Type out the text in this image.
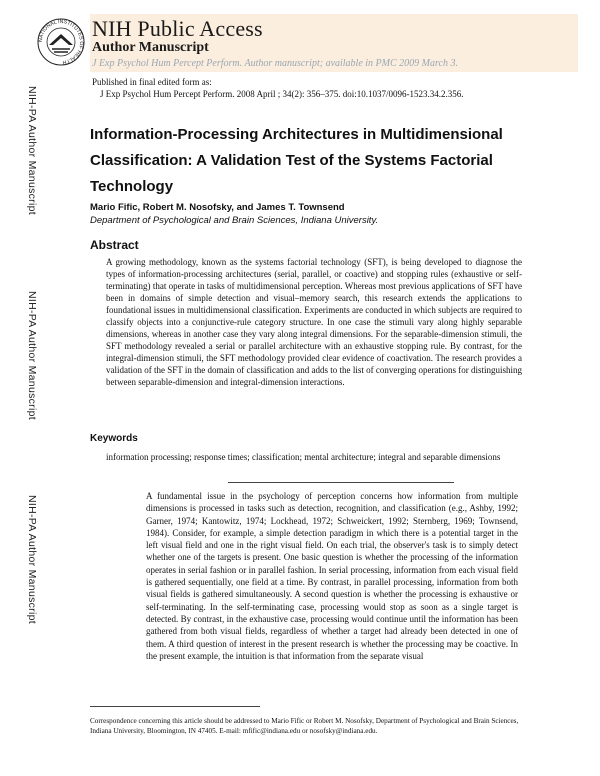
NATIONAL INSTITUTES OF HEALTH
NIH Public Access
Author Manuscript
J Exp Psychol Hum Percept Perform. Author manuscript; available in PMC 2009 March 3.
Published in final edited form as:
J Exp Psychol Hum Percept Perform. 2008 April ; 34(2): 356–375. doi:10.1037/0096-1523.34.2.356.
NIH-PA Author Manuscript
NIH-PA Author Manuscript
NIH-PA Author Manuscript
Information-Processing Architectures in Multidimensional Classification: A Validation Test of the Systems Factorial Technology
Mario Fific, Robert M. Nosofsky, and James T. Townsend
Department of Psychological and Brain Sciences, Indiana University.
Abstract
A growing methodology, known as the systems factorial technology (SFT), is being developed to diagnose the types of information-processing architectures (serial, parallel, or coactive) and stopping rules (exhaustive or self-terminating) that operate in tasks of multidimensional perception. Whereas most previous applications of SFT have been in domains of simple detection and visual–memory search, this research extends the applications to foundational issues in multidimensional classification. Experiments are conducted in which subjects are required to classify objects into a conjunctive-rule category structure. In one case the stimuli vary along highly separable dimensions, whereas in another case they vary along integral dimensions. For the separable-dimension stimuli, the SFT methodology revealed a serial or parallel architecture with an exhaustive stopping rule. By contrast, for the integral-dimension stimuli, the SFT methodology provided clear evidence of coactivation. The research provides a validation of the SFT in the domain of classification and adds to the list of converging operations for distinguishing between separable-dimension and integral-dimension interactions.
Keywords
information processing; response times; classification; mental architecture; integral and separable dimensions
A fundamental issue in the psychology of perception concerns how information from multiple dimensions is processed in tasks such as detection, recognition, and classification (e.g., Ashby, 1992; Garner, 1974; Kantowitz, 1974; Lockhead, 1972; Schweickert, 1992; Sternberg, 1969; Townsend, 1984). Consider, for example, a simple detection paradigm in which there is a potential target in the left visual field and one in the right visual field. On each trial, the observer's task is to simply detect whether one of the targets is present. One basic question is whether the processing of the information operates in serial fashion or in parallel fashion. In serial processing, information from each visual field is gathered sequentially, one field at a time. By contrast, in parallel processing, information from both visual fields is gathered simultaneously. A second question is whether the processing is exhaustive or self-terminating. In the self-terminating case, processing would stop as soon as a single target is detected. By contrast, in the exhaustive case, processing would continue until the information has been gathered from both visual fields, regardless of whether a target had already been detected in one of them. A third question of interest in the present research is whether the processing may be coactive. In the present example, the intuition is that information from the separate visual
Correspondence concerning this article should be addressed to Mario Fific or Robert M. Nosofsky, Department of Psychological and Brain Sciences, Indiana University, Bloomington, IN 47405. E-mail: mfific@indiana.edu or nosofsky@indiana.edu.
